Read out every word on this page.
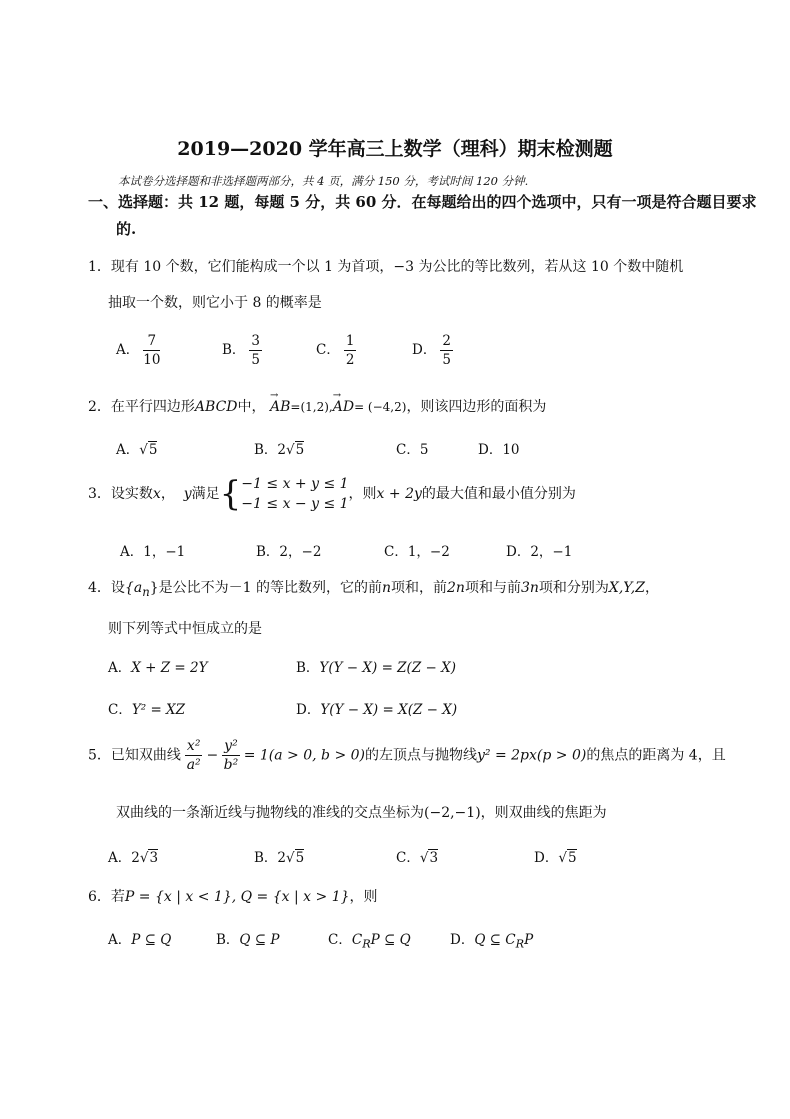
2019—2020 学年高三上数学（理科）期末检测题
本试卷分选择题和非选择题两部分，共 4 页，满分 150 分，考试时间 120 分钟.
一、选择题：共 12 题，每题 5 分，共 60 分．在每题给出的四个选项中，只有一项是符合题目要求
的.
1．现有 10 个数，它们能构成一个以 1 为首项，−3 为公比的等比数列，若从这 10 个数中随机
抽取一个数，则它小于 8 的概率是
A． $\frac{7}{10}$	B． $\frac{3}{5}$	C． $\frac{1}{2}$	D． $\frac{2}{5}$
2．在平行四边形ABCD中， AB
→
=(1,2),AD
→
= (−4,2)，则该四边形的面积为
A．√5	B．2√5	C．5	D．10
3．设实数x， y满足{−1 ≤ x + y ≤ 1
−1 ≤ x − y ≤ 1，则x + 2y的最大值和最小值分别为
A．1，−1	B．2，−2	C．1，−2	D．2，−1
4．设$\{a_n\}$是公比不为－1 的等比数列，它的前n项和，前2n项和与前3n项和分别为X,Y,Z，
则下列等式中恒成立的是
A．X + Z = 2Y	B．Y(Y − X) = Z(Z − X)
C．Y² = XZ	D．Y(Y − X) = X(Z − X)
5．已知双曲线 $\frac{\text{x²}}{\text{a²}} - \frac{\text{y²}}{\text{b²}} = 1(a > 0$, b > 0)的左顶点与抛物线y² = 2px(p > 0)的焦点的距离为 4，且
双曲线的一条渐近线与抛物线的准线的交点坐标为(−2,−1)，则双曲线的焦距为
A．2√3	B．2√5	C．√3	D．√5
6．若P = {x | x < 1}, Q = {x | x > 1}，则
A．P ⊆ Q	B．Q ⊆ P	C．$C_RP$ ⊆ Q	D．Q ⊆ $C_RP$
